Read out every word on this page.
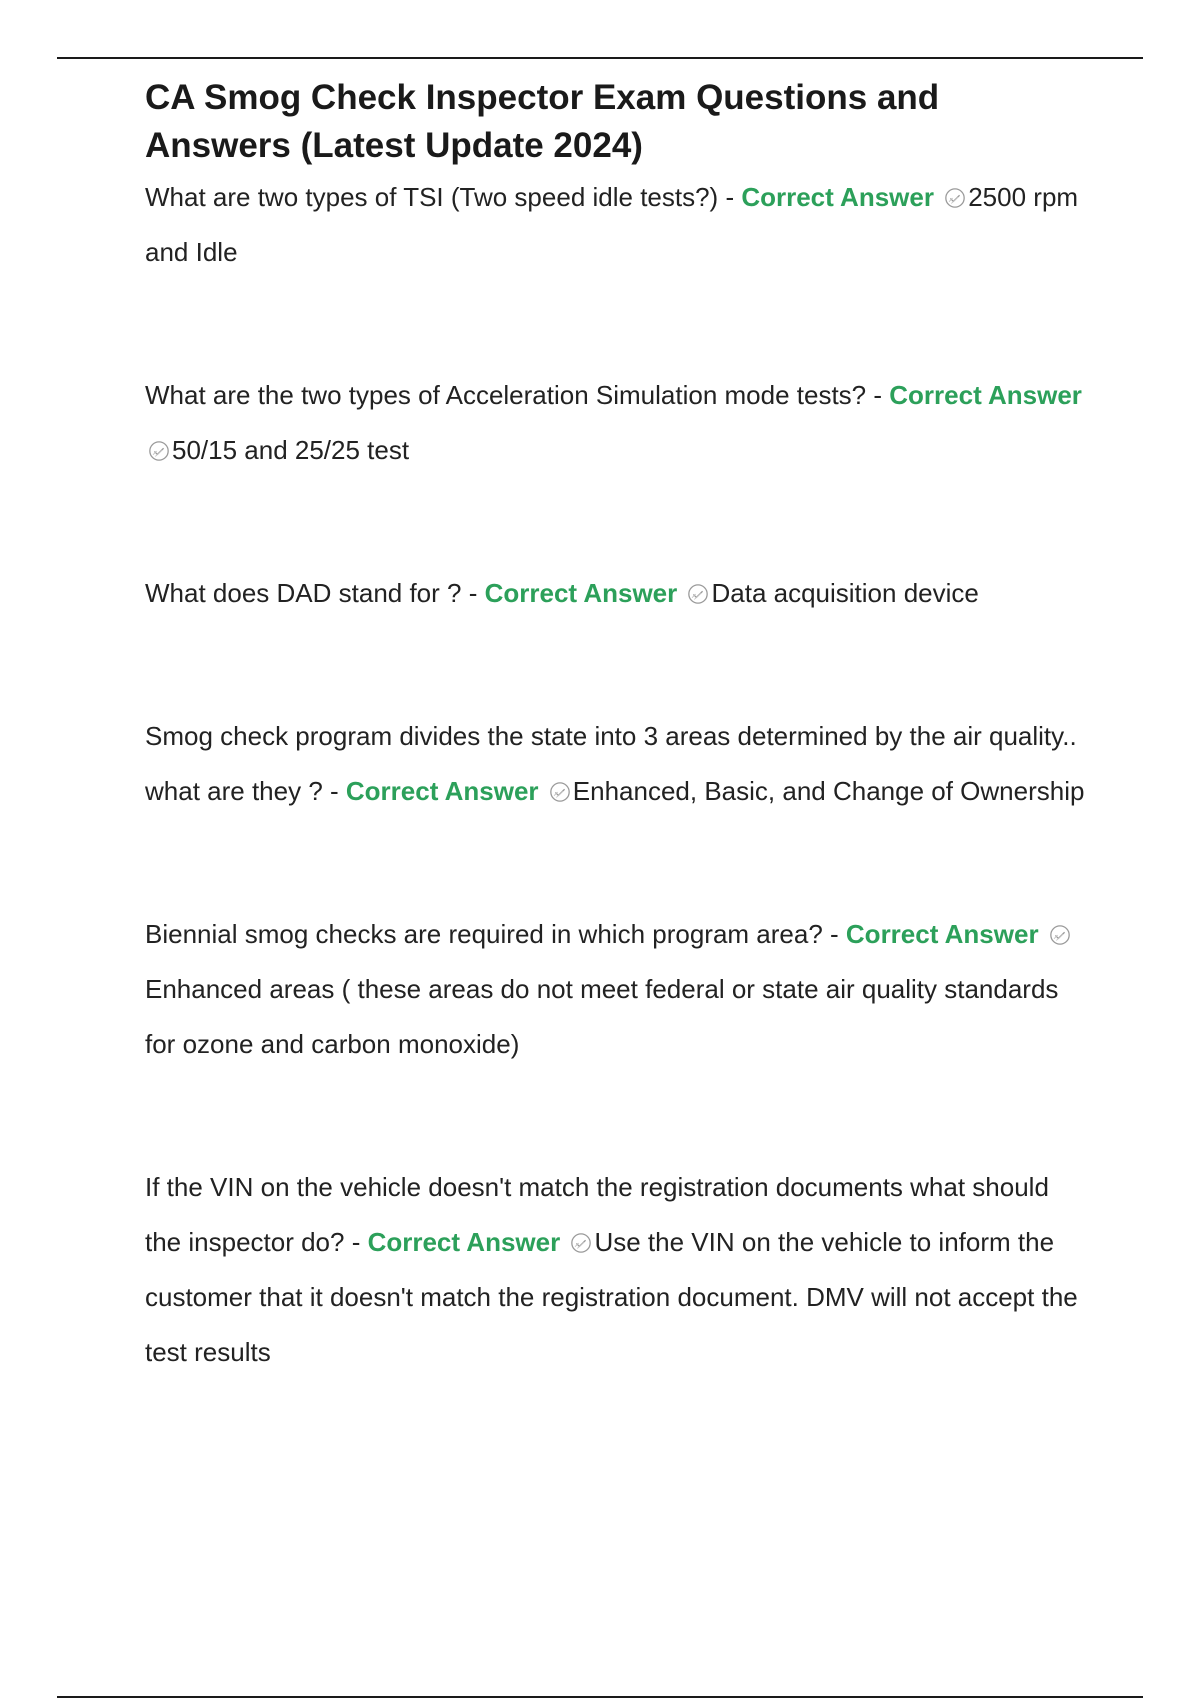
CA Smog Check Inspector Exam Questions and Answers (Latest Update 2024)

What are two types of TSI (Two speed idle tests?) - Correct Answer 2500 rpm and Idle

What are the two types of Acceleration Simulation mode tests? - Correct Answer 50/15 and 25/25 test

What does DAD stand for ? - Correct Answer Data acquisition device

Smog check program divides the state into 3 areas determined by the air quality.. what are they ? - Correct Answer Enhanced, Basic, and Change of Ownership

Biennial smog checks are required in which program area? - Correct Answer Enhanced areas ( these areas do not meet federal or state air quality standards for ozone and carbon monoxide)

If the VIN on the vehicle doesn't match the registration documents what should the inspector do? - Correct Answer Use the VIN on the vehicle to inform the customer that it doesn't match the registration document. DMV will not accept the test results
